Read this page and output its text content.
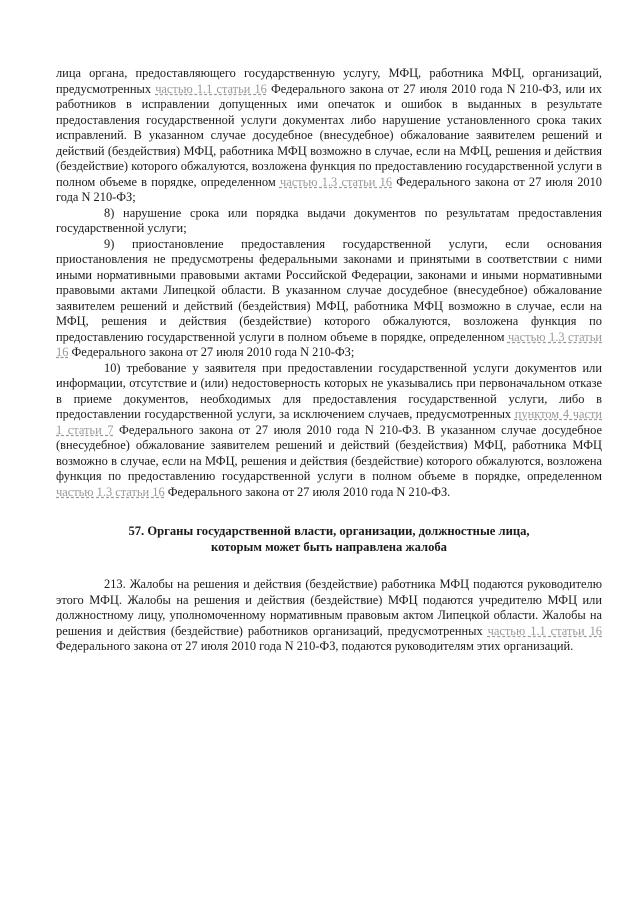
лица органа, предоставляющего государственную услугу, МФЦ, работника МФЦ, организаций, предусмотренных частью 1.1 статьи 16 Федерального закона от 27 июля 2010 года N 210-ФЗ, или их работников в исправлении допущенных ими опечаток и ошибок в выданных в результате предоставления государственной услуги документах либо нарушение установленного срока таких исправлений. В указанном случае досудебное (внесудебное) обжалование заявителем решений и действий (бездействия) МФЦ, работника МФЦ возможно в случае, если на МФЦ, решения и действия (бездействие) которого обжалуются, возложена функция по предоставлению государственной услуги в полном объеме в порядке, определенном частью 1.3 статьи 16 Федерального закона от 27 июля 2010 года N 210-ФЗ;

8) нарушение срока или порядка выдачи документов по результатам предоставления государственной услуги;

9) приостановление предоставления государственной услуги, если основания приостановления не предусмотрены федеральными законами и принятыми в соответствии с ними иными нормативными правовыми актами Российской Федерации, законами и иными нормативными правовыми актами Липецкой области. В указанном случае досудебное (внесудебное) обжалование заявителем решений и действий (бездействия) МФЦ, работника МФЦ возможно в случае, если на МФЦ, решения и действия (бездействие) которого обжалуются, возложена функция по предоставлению государственной услуги в полном объеме в порядке, определенном частью 1.3 статьи 16 Федерального закона от 27 июля 2010 года N 210-ФЗ;

10) требование у заявителя при предоставлении государственной услуги документов или информации, отсутствие и (или) недостоверность которых не указывались при первоначальном отказе в приеме документов, необходимых для предоставления государственной услуги, либо в предоставлении государственной услуги, за исключением случаев, предусмотренных пунктом 4 части 1 статьи 7 Федерального закона от 27 июля 2010 года N 210-ФЗ. В указанном случае досудебное (внесудебное) обжалование заявителем решений и действий (бездействия) МФЦ, работника МФЦ возможно в случае, если на МФЦ, решения и действия (бездействие) которого обжалуются, возложена функция по предоставлению государственной услуги в полном объеме в порядке, определенном частью 1.3 статьи 16 Федерального закона от 27 июля 2010 года N 210-ФЗ.

57. Органы государственной власти, организации, должностные лица,
которым может быть направлена жалоба

213. Жалобы на решения и действия (бездействие) работника МФЦ подаются руководителю этого МФЦ. Жалобы на решения и действия (бездействие) МФЦ подаются учредителю МФЦ или должностному лицу, уполномоченному нормативным правовым актом Липецкой области. Жалобы на решения и действия (бездействие) работников организаций, предусмотренных частью 1.1 статьи 16 Федерального закона от 27 июля 2010 года N 210-ФЗ, подаются руководителям этих организаций.
